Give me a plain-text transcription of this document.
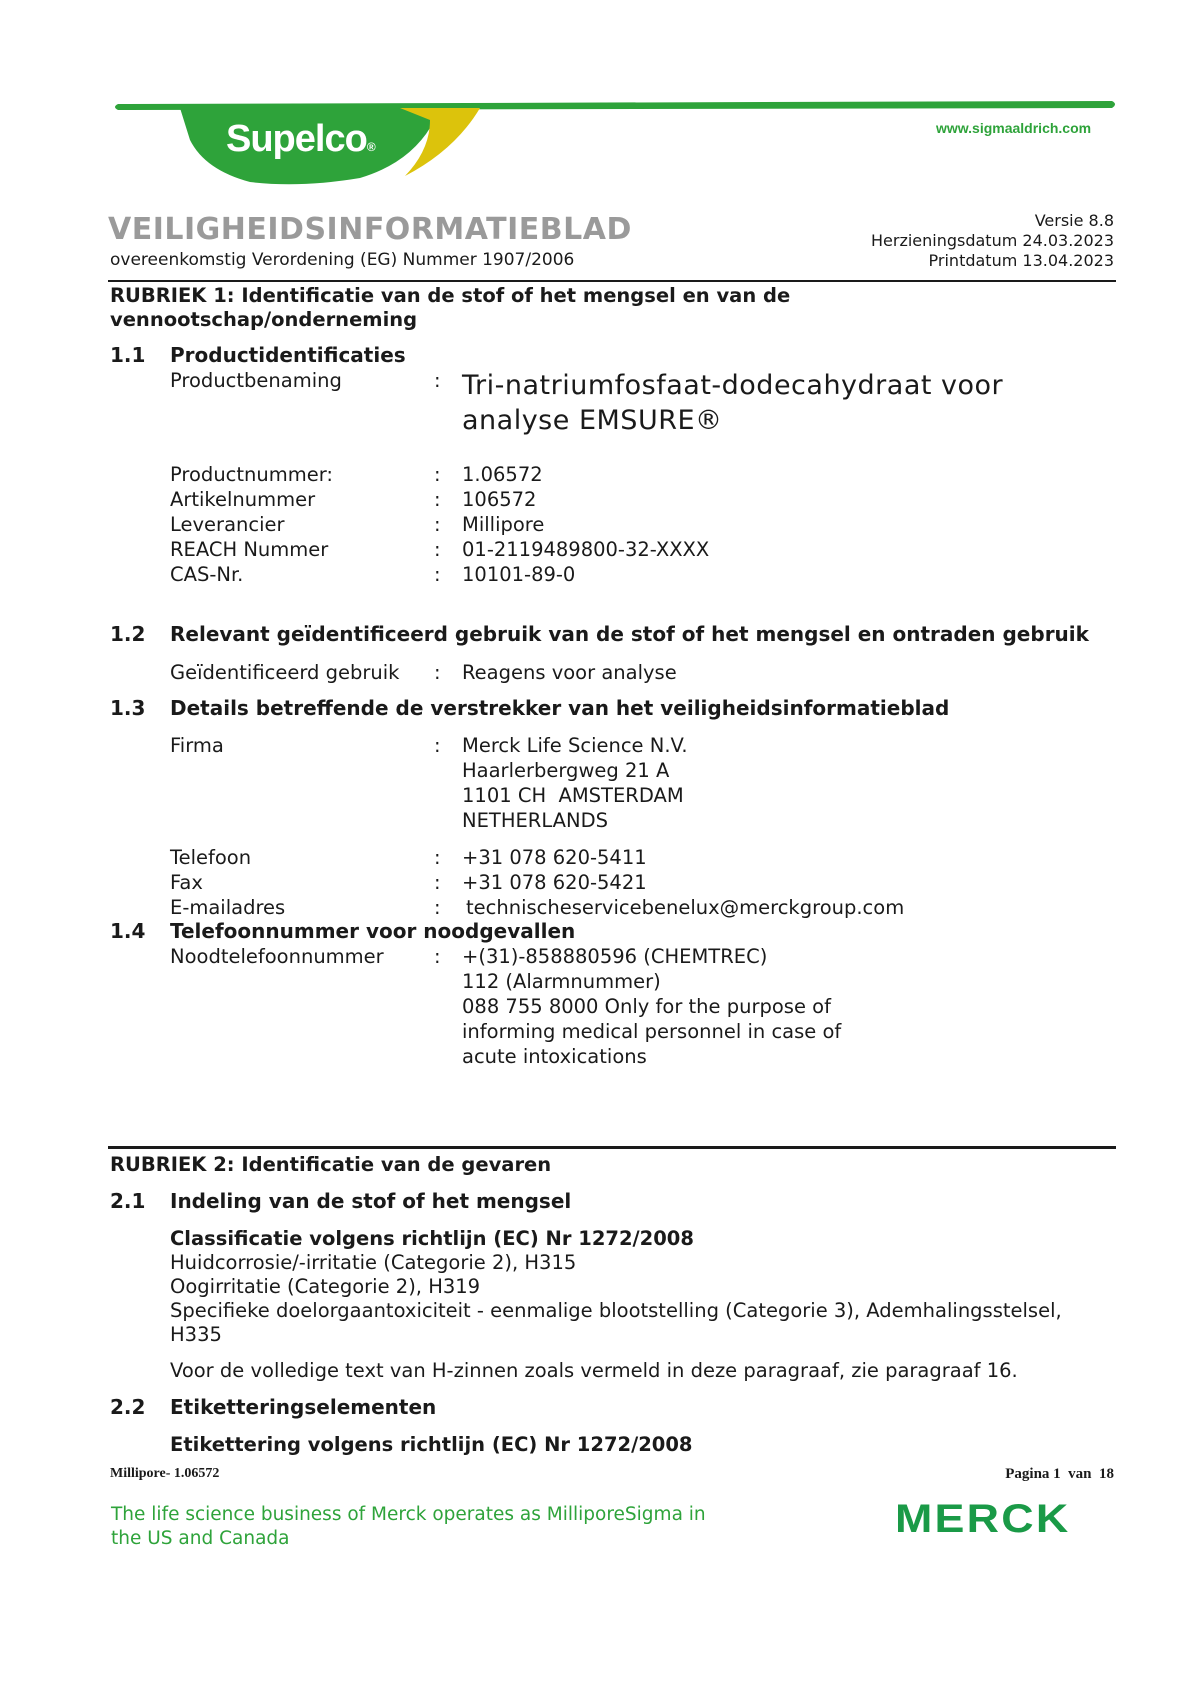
Supelco®
www.sigmaaldrich.com
VEILIGHEIDSINFORMATIEBLAD
overeenkomstig Verordening (EG) Nummer 1907/2006
Versie 8.8
Herzieningsdatum 24.03.2023
Printdatum 13.04.2023
RUBRIEK 1: Identificatie van de stof of het mengsel en van de
vennootschap/onderneming
1.1 Productidentificaties
Productbenaming	: Tri-natriumfosfaat-dodecahydraat voor
analyse EMSURE®
Productnummer:	: 1.06572
Artikelnummer	: 106572
Leverancier	: Millipore
REACH Nummer	: 01-2119489800-32-XXXX
CAS-Nr.	: 10101-89-0
1.2 Relevant geïdentificeerd gebruik van de stof of het mengsel en ontraden gebruik
Geïdentificeerd gebruik : Reagens voor analyse
1.3 Details betreffende de verstrekker van het veiligheidsinformatieblad
Firma	: Merck Life Science N.V.
Haarlerbergweg 21 A
1101 CH  AMSTERDAM
NETHERLANDS
Telefoon	: +31 078 620-5411
Fax	: +31 078 620-5421
E-mailadres	: technischeservicebenelux@merckgroup.com
1.4 Telefoonnummer voor noodgevallen
Noodtelefoonnummer	: +(31)-858880596 (CHEMTREC)
112 (Alarmnummer)
088 755 8000 Only for the purpose of
informing medical personnel in case of
acute intoxications
RUBRIEK 2: Identificatie van de gevaren
2.1 Indeling van de stof of het mengsel
Classificatie volgens richtlijn (EC) Nr 1272/2008
Huidcorrosie/-irritatie (Categorie 2), H315
Oogirritatie (Categorie 2), H319
Specifieke doelorgaantoxiciteit - eenmalige blootstelling (Categorie 3), Ademhalingsstelsel,
H335
Voor de volledige text van H-zinnen zoals vermeld in deze paragraaf, zie paragraaf 16.
2.2 Etiketteringselementen
Etikettering volgens richtlijn (EC) Nr 1272/2008
Millipore- 1.06572	Pagina 1  van  18
The life science business of Merck operates as MilliporeSigma in
the US and Canada	MERCK
